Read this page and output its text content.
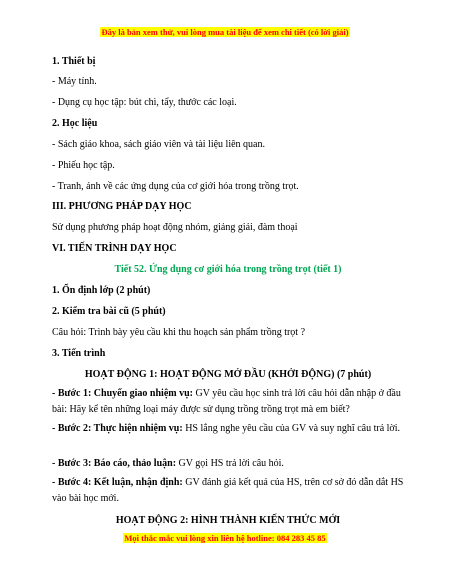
Đây là bản xem thử, vui lòng mua tài liệu để xem chi tiết (có lời giải)
1. Thiết bị
- Máy tính.
- Dụng cụ học tập: bút chì, tẩy, thước các loại.
2. Học liệu
- Sách giáo khoa, sách giáo viên và tài liệu liên quan.
- Phiếu học tập.
- Tranh, ảnh về các ứng dụng của cơ giới hóa trong trồng trọt.
III. PHƯƠNG PHÁP DẠY HỌC
Sử dụng phương pháp hoạt động nhóm, giảng giải, đàm thoại
VI. TIẾN TRÌNH DẠY HỌC
Tiết 52. Ứng dụng cơ giới hóa trong trồng trọt (tiết 1)
1. Ổn định lớp (2 phút)
2. Kiểm tra bài cũ (5 phút)
Câu hỏi: Trình bày yêu cầu khi thu hoạch sản phẩm trồng trọt ?
3. Tiến trình
HOẠT ĐỘNG 1: HOẠT ĐỘNG MỞ ĐẦU (KHỞI ĐỘNG) (7 phút)
- Bước 1: Chuyển giao nhiệm vụ: GV yêu cầu học sinh trả lời câu hỏi dẫn nhập ở đầu bài: Hãy kể tên những loại máy được sử dụng trồng trồng trọt mà em biết?
- Bước 2: Thực hiện nhiệm vụ: HS lắng nghe yêu cầu của GV và suy nghĩ câu trả lời.
- Bước 3: Báo cáo, thảo luận: GV gọi HS trả lời câu hỏi.
- Bước 4: Kết luận, nhận định: GV đánh giá kết quả của HS, trên cơ sở đó dẫn dắt HS vào bài học mới.
HOẠT ĐỘNG 2: HÌNH THÀNH KIẾN THỨC MỚI
Mọi thắc mắc vui lòng xin liên hệ hotline: 084 283 45 85
